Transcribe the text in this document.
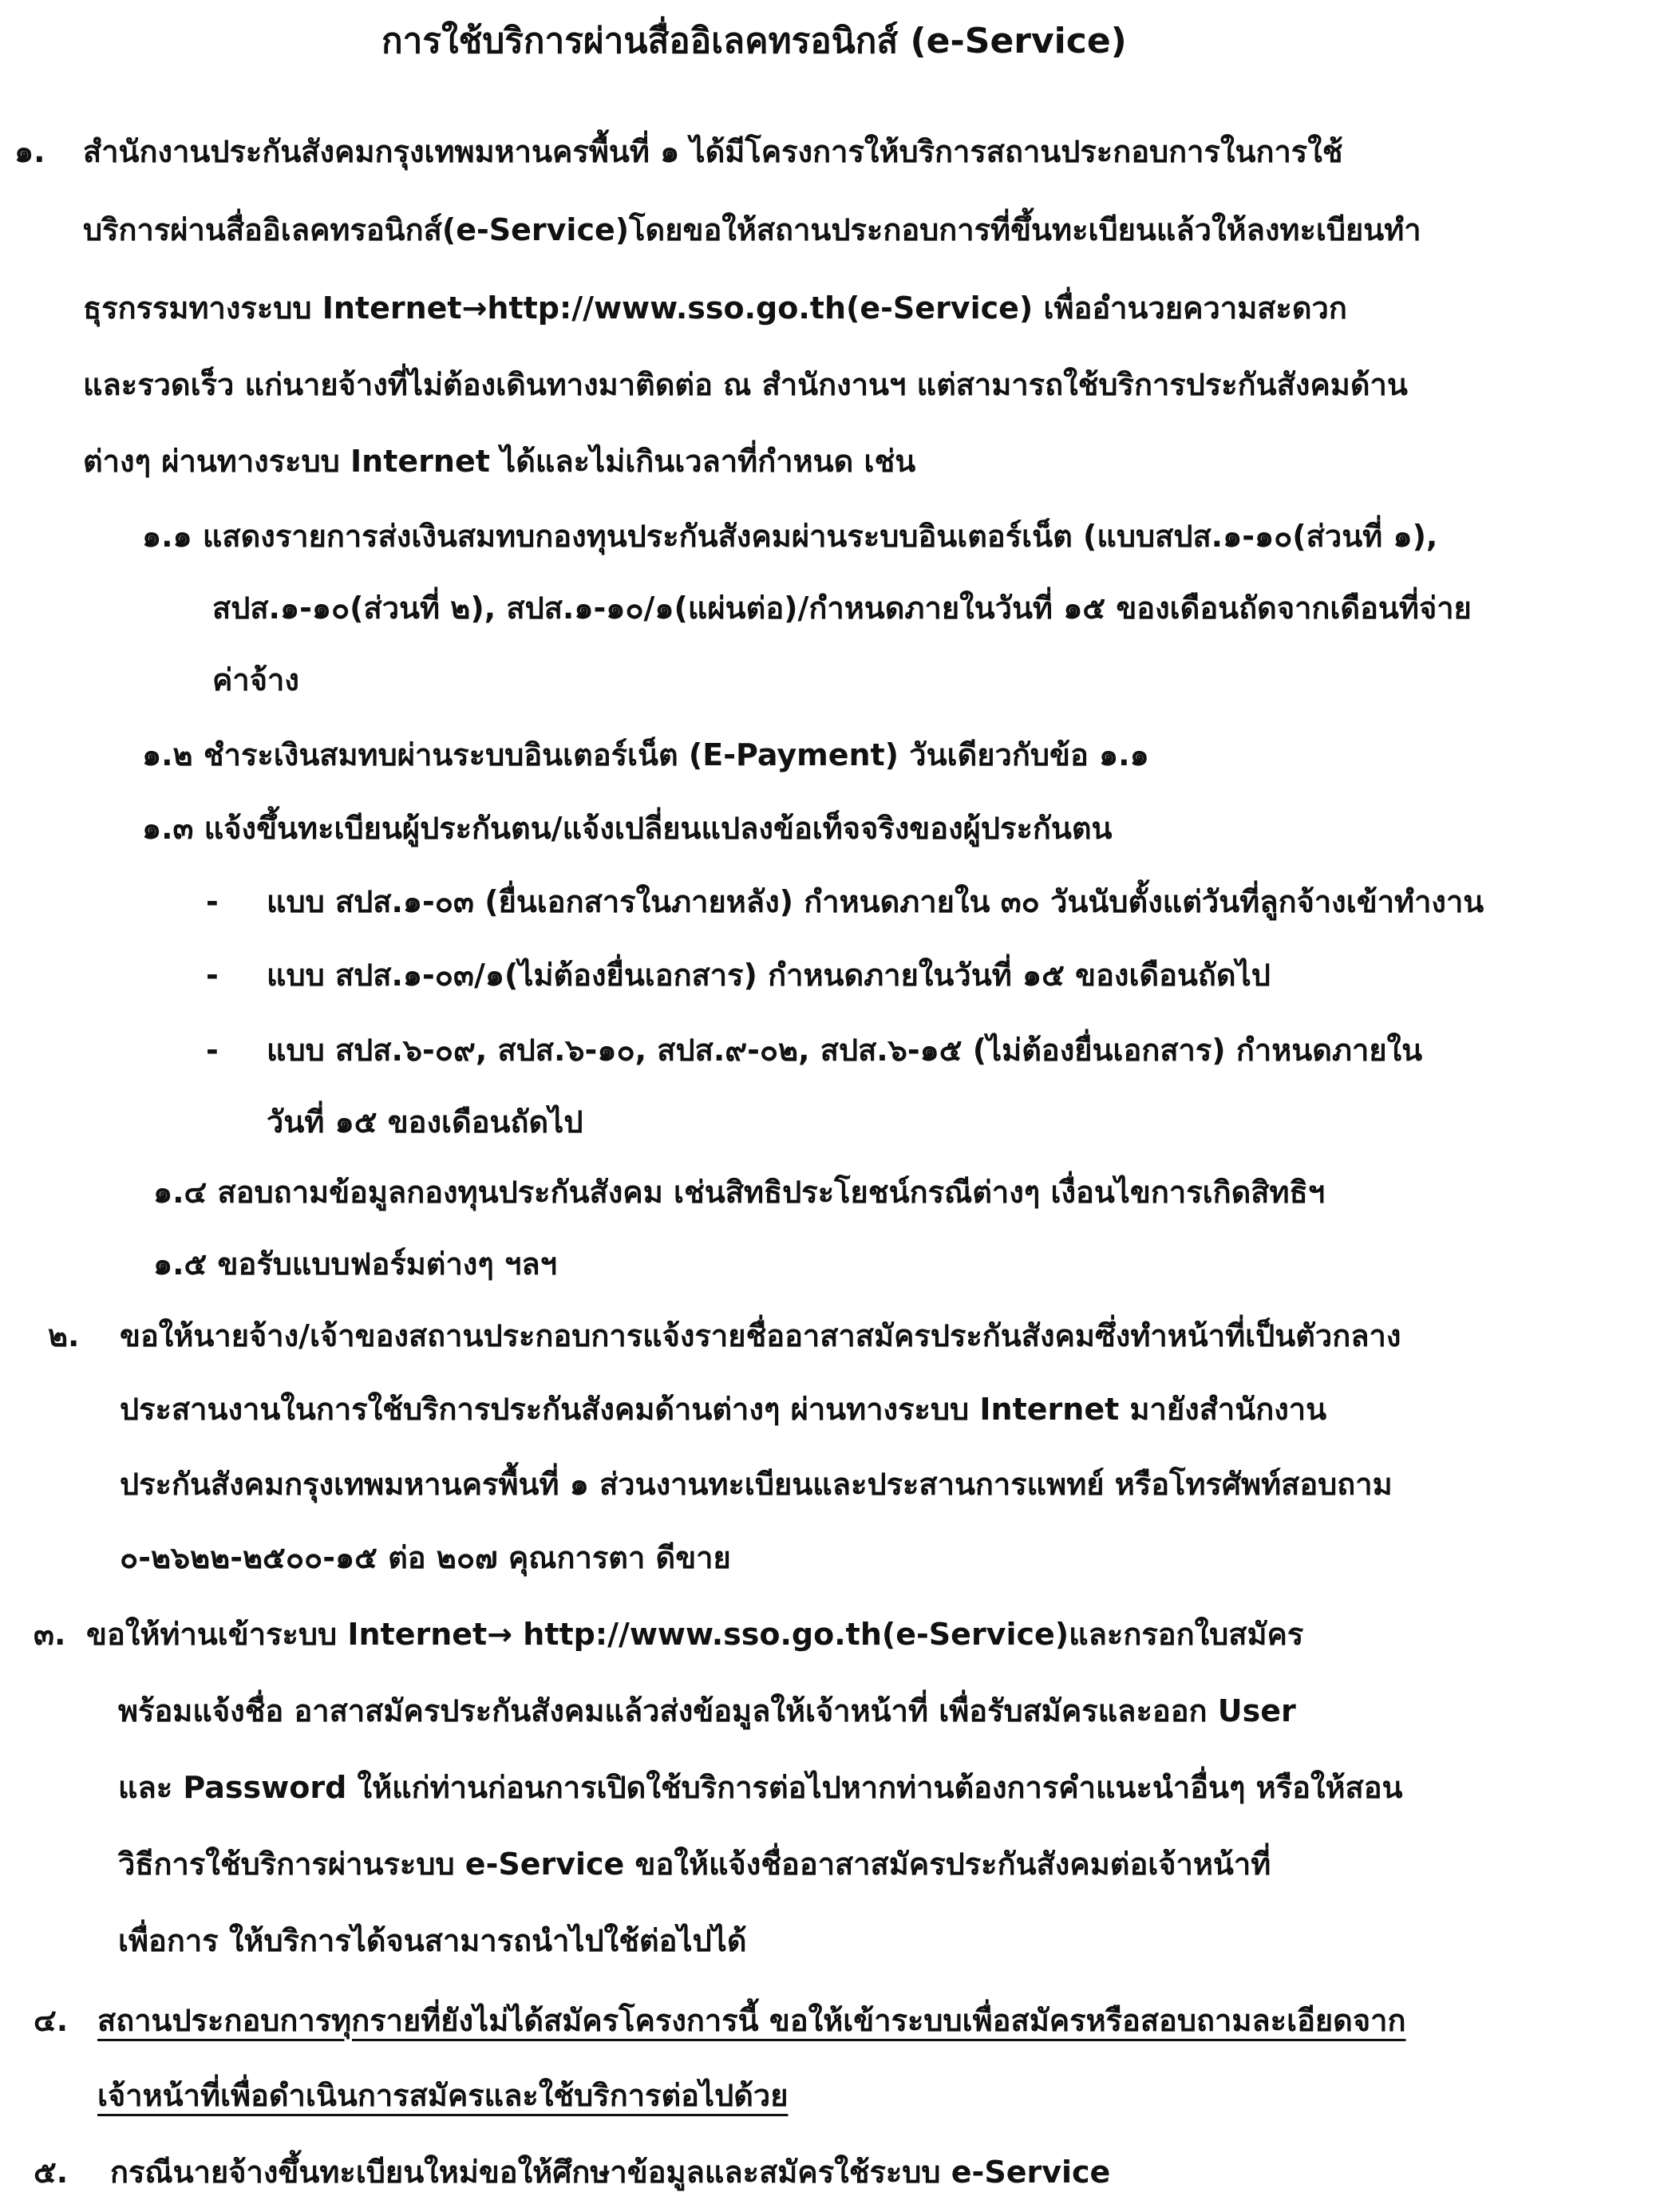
การใช้บริการผ่านสื่ออิเลคทรอนิกส์ (e-Service)
๑. สำนักงานประกันสังคมกรุงเทพมหานครพื้นที่ ๑ ได้มีโครงการให้บริการสถานประกอบการในการใช้
บริการผ่านสื่ออิเลคทรอนิกส์(e-Service)โดยขอให้สถานประกอบการที่ขึ้นทะเบียนแล้วให้ลงทะเบียนทำ
ธุรกรรมทางระบบ Internet→http://www.sso.go.th(e-Service) เพื่ออำนวยความสะดวก
และรวดเร็ว แก่นายจ้างที่ไม่ต้องเดินทางมาติดต่อ ณ สำนักงานฯ แต่สามารถใช้บริการประกันสังคมด้าน
ต่างๆ ผ่านทางระบบ Internet ได้และไม่เกินเวลาที่กำหนด เช่น
๑.๑ แสดงรายการส่งเงินสมทบกองทุนประกันสังคมผ่านระบบอินเตอร์เน็ต (แบบสปส.๑-๑๐(ส่วนที่ ๑),
สปส.๑-๑๐(ส่วนที่ ๒), สปส.๑-๑๐/๑(แผ่นต่อ)/กำหนดภายในวันที่ ๑๕ ของเดือนถัดจากเดือนที่จ่าย
ค่าจ้าง
๑.๒ ชำระเงินสมทบผ่านระบบอินเตอร์เน็ต (E-Payment) วันเดียวกับข้อ ๑.๑
๑.๓ แจ้งขึ้นทะเบียนผู้ประกันตน/แจ้งเปลี่ยนแปลงข้อเท็จจริงของผู้ประกันตน
- แบบ สปส.๑-๐๓ (ยื่นเอกสารในภายหลัง) กำหนดภายใน ๓๐ วันนับตั้งแต่วันที่ลูกจ้างเข้าทำงาน
- แบบ สปส.๑-๐๓/๑(ไม่ต้องยื่นเอกสาร) กำหนดภายในวันที่ ๑๕ ของเดือนถัดไป
- แบบ สปส.๖-๐๙, สปส.๖-๑๐, สปส.๙-๐๒, สปส.๖-๑๕ (ไม่ต้องยื่นเอกสาร) กำหนดภายใน
วันที่ ๑๕ ของเดือนถัดไป
๑.๔ สอบถามข้อมูลกองทุนประกันสังคม เช่นสิทธิประโยชน์กรณีต่างๆ เงื่อนไขการเกิดสิทธิฯ
๑.๕ ขอรับแบบฟอร์มต่างๆ ฯลฯ
๒. ขอให้นายจ้าง/เจ้าของสถานประกอบการแจ้งรายชื่ออาสาสมัครประกันสังคมซึ่งทำหน้าที่เป็นตัวกลาง
ประสานงานในการใช้บริการประกันสังคมด้านต่างๆ ผ่านทางระบบ Internet มายังสำนักงาน
ประกันสังคมกรุงเทพมหานครพื้นที่ ๑ ส่วนงานทะเบียนและประสานการแพทย์ หรือโทรศัพท์สอบถาม
๐-๒๖๒๒-๒๕๐๐-๑๕ ต่อ ๒๐๗ คุณการตา ดีขาย
๓. ขอให้ท่านเข้าระบบ Internet→ http://www.sso.go.th(e-Service)และกรอกใบสมัคร
พร้อมแจ้งชื่อ อาสาสมัครประกันสังคมแล้วส่งข้อมูลให้เจ้าหน้าที่ เพื่อรับสมัครและออก User
และ Password ให้แก่ท่านก่อนการเปิดใช้บริการต่อไปหากท่านต้องการคำแนะนำอื่นๆ หรือให้สอน
วิธีการใช้บริการผ่านระบบ e-Service ขอให้แจ้งชื่ออาสาสมัครประกันสังคมต่อเจ้าหน้าที่
เพื่อการ ให้บริการได้จนสามารถนำไปใช้ต่อไปได้
๔. สถานประกอบการทุกรายที่ยังไม่ได้สมัครโครงการนี้ ขอให้เข้าระบบเพื่อสมัครหรือสอบถามละเอียดจาก
เจ้าหน้าที่เพื่อดำเนินการสมัครและใช้บริการต่อไปด้วย
๕. กรณีนายจ้างขึ้นทะเบียนใหม่ขอให้ศึกษาข้อมูลและสมัครใช้ระบบ e-Service
